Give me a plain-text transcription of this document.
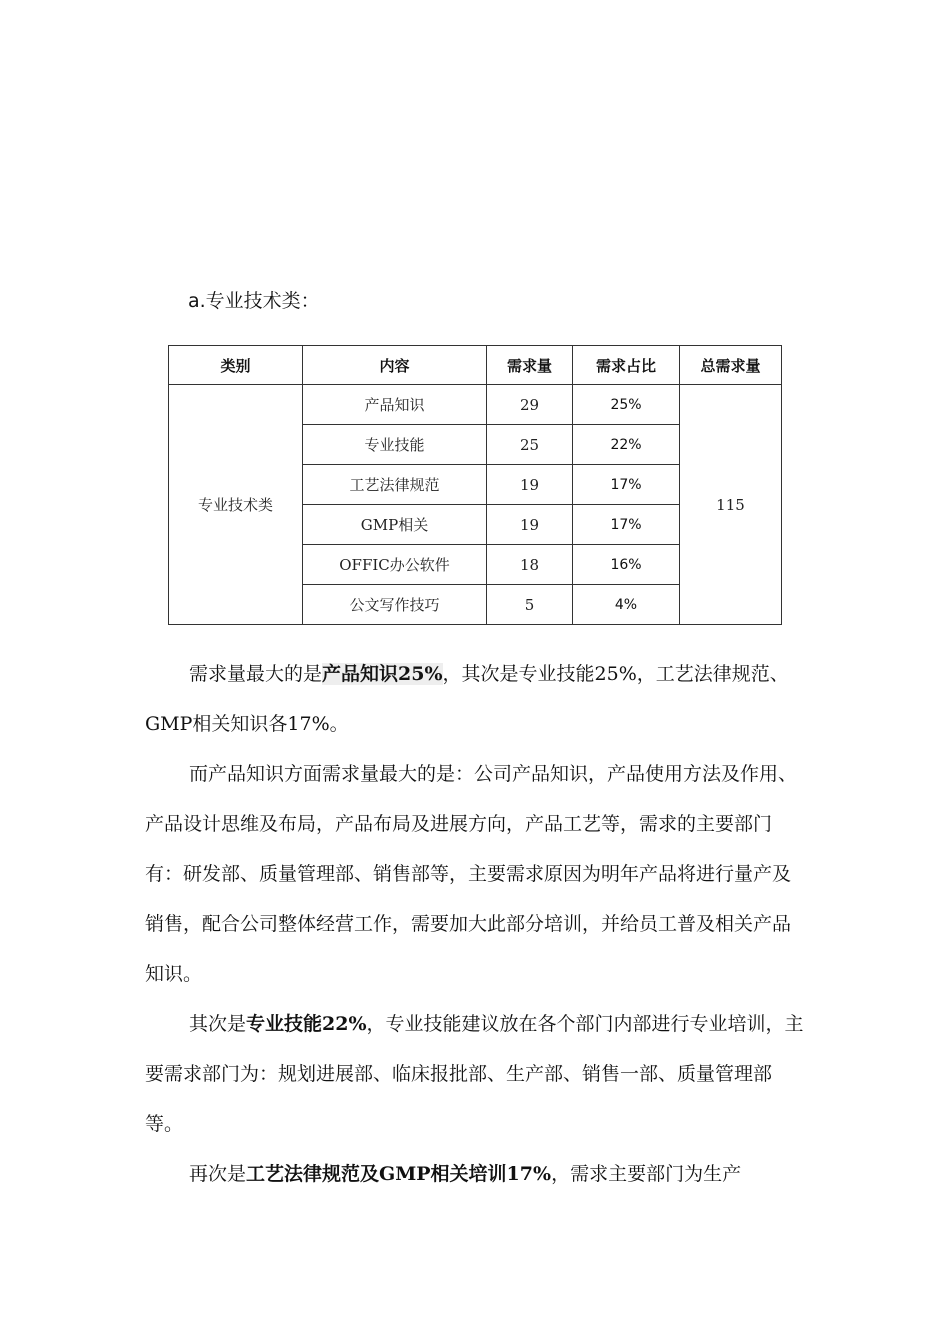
a.专业技术类：
类别	内容	需求量	需求占比	总需求量
专业技术类	产品知识	29	25%	115
	专业技能	25	22%	
	工艺法律规范	19	17%	
	GMP相关	19	17%	
	OFFIC办公软件	18	16%	
	公文写作技巧	5	4%	

需求量最大的是产品知识25%，其次是专业技能25%，工艺法律规范、GMP相关知识各17%。

而产品知识方面需求量最大的是：公司产品知识，产品使用方法及作用、产品设计思维及布局，产品布局及进展方向，产品工艺等，需求的主要部门有：研发部、质量管理部、销售部等，主要需求原因为明年产品将进行量产及销售，配合公司整体经营工作，需要加大此部分培训，并给员工普及相关产品知识。

其次是专业技能22%，专业技能建议放在各个部门内部进行专业培训，主要需求部门为：规划进展部、临床报批部、生产部、销售一部、质量管理部等。

再次是工艺法律规范及GMP相关培训17%，需求主要部门为生产
